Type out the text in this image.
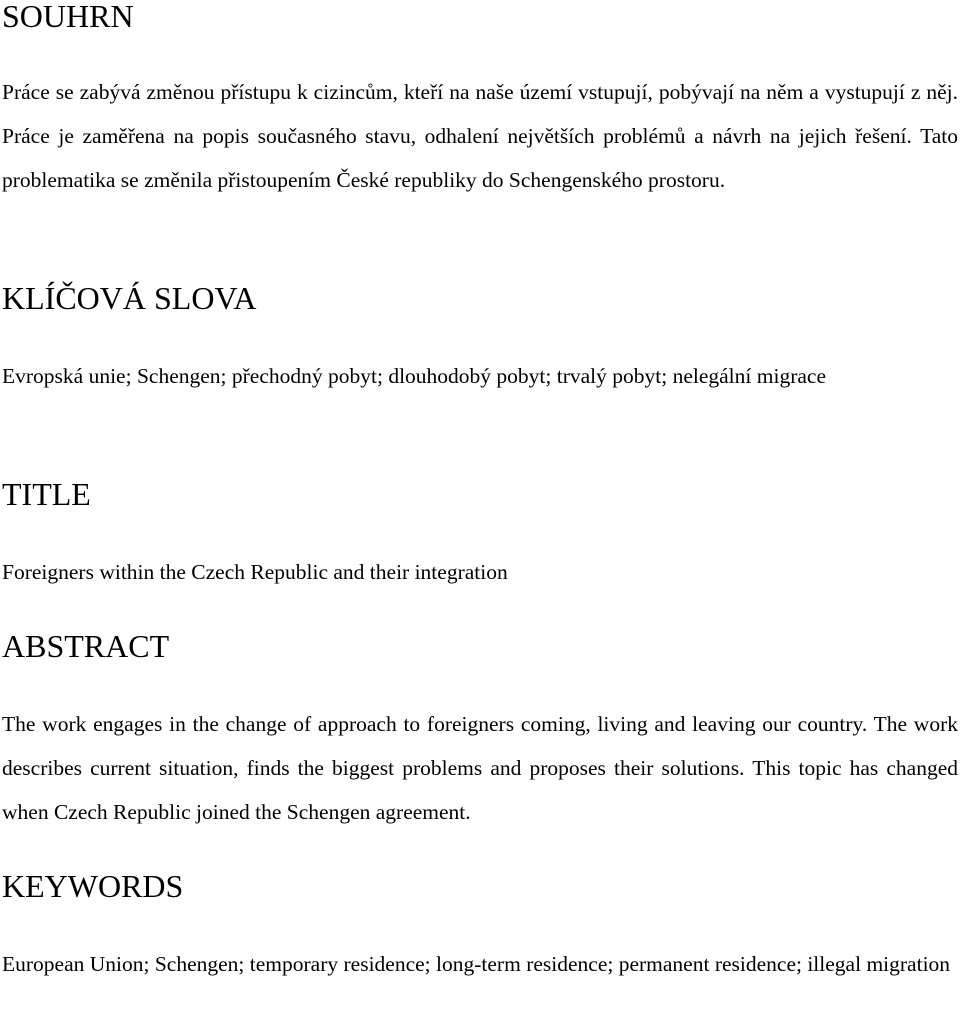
SOUHRN

Práce se zabývá změnou přístupu k cizincům, kteří na naše území vstupují, pobývají na něm a vystupují z něj. Práce je zaměřena na popis současného stavu, odhalení největších problémů a návrh na jejich řešení. Tato problematika se změnila přistoupením České republiky do Schengenského prostoru.

KLÍČOVÁ SLOVA

Evropská unie; Schengen; přechodný pobyt; dlouhodobý pobyt; trvalý pobyt; nelegální migrace

TITLE

Foreigners within the Czech Republic and their integration

ABSTRACT

The work engages in the change of approach to foreigners coming, living and leaving our country. The work describes current situation, finds the biggest problems and proposes their solutions. This topic has changed when Czech Republic joined the Schengen agreement.

KEYWORDS

European Union; Schengen; temporary residence; long-term residence; permanent residence; illegal migration
